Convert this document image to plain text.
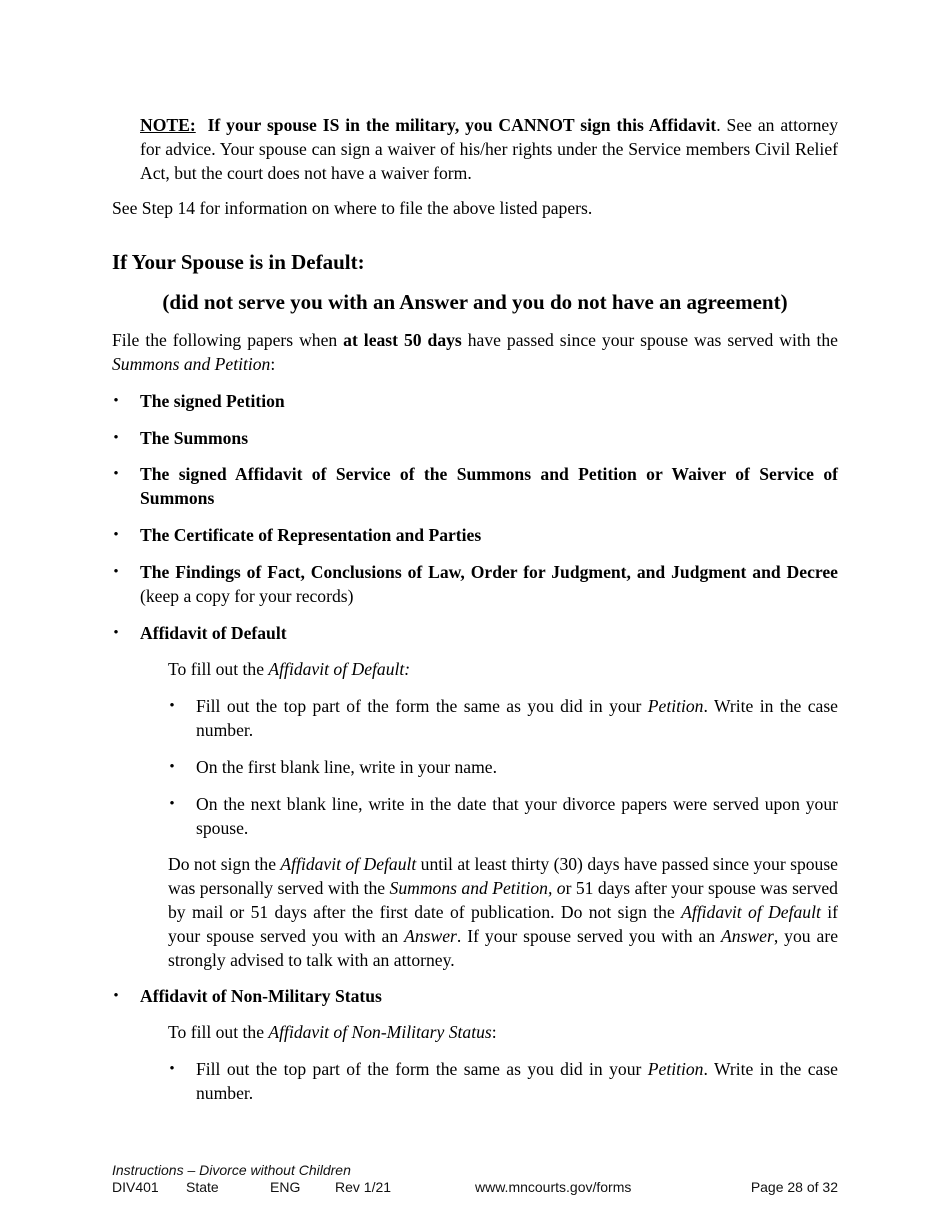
NOTE: If your spouse IS in the military, you CANNOT sign this Affidavit. See an attorney for advice. Your spouse can sign a waiver of his/her rights under the Service members Civil Relief Act, but the court does not have a waiver form.

See Step 14 for information on where to file the above listed papers.

If Your Spouse is in Default:
(did not serve you with an Answer and you do not have an agreement)

File the following papers when at least 50 days have passed since your spouse was served with the Summons and Petition:

• The signed Petition

• The Summons

• The signed Affidavit of Service of the Summons and Petition or Waiver of Service of Summons

• The Certificate of Representation and Parties

• The Findings of Fact, Conclusions of Law, Order for Judgment, and Judgment and Decree (keep a copy for your records)

• Affidavit of Default

To fill out the Affidavit of Default:

• Fill out the top part of the form the same as you did in your Petition. Write in the case number.

• On the first blank line, write in your name.

• On the next blank line, write in the date that your divorce papers were served upon your spouse.

Do not sign the Affidavit of Default until at least thirty (30) days have passed since your spouse was personally served with the Summons and Petition, or 51 days after your spouse was served by mail or 51 days after the first date of publication. Do not sign the Affidavit of Default if your spouse served you with an Answer. If your spouse served you with an Answer, you are strongly advised to talk with an attorney.

• Affidavit of Non-Military Status

To fill out the Affidavit of Non-Military Status:

• Fill out the top part of the form the same as you did in your Petition. Write in the case number.

Instructions – Divorce without Children
DIV401 State	ENG Rev 1/21	www.mncourts.gov/forms	Page 28 of 32
